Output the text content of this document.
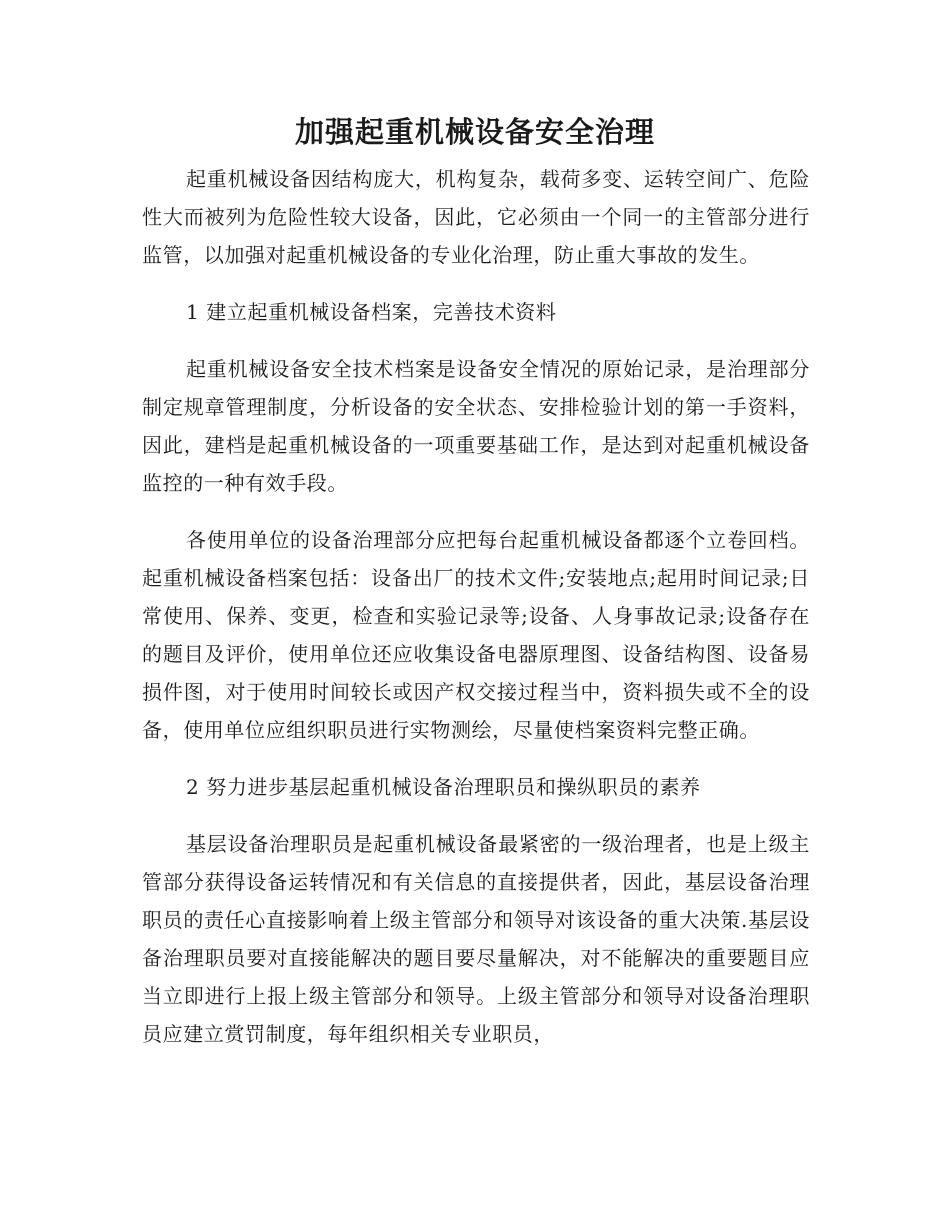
加强起重机械设备安全治理

起重机械设备因结构庞大，机构复杂，载荷多变、运转空间广、危险性大而被列为危险性较大设备，因此，它必须由一个同一的主管部分进行监管，以加强对起重机械设备的专业化治理，防止重大事故的发生。

1 建立起重机械设备档案，完善技术资料

起重机械设备安全技术档案是设备安全情况的原始记录，是治理部分制定规章管理制度，分析设备的安全状态、安排检验计划的第一手资料，因此，建档是起重机械设备的一项重要基础工作，是达到对起重机械设备监控的一种有效手段。

各使用单位的设备治理部分应把每台起重机械设备都逐个立卷回档。起重机械设备档案包括：设备出厂的技术文件;安装地点;起用时间记录;日常使用、保养、变更，检查和实验记录等;设备、人身事故记录;设备存在的题目及评价，使用单位还应收集设备电器原理图、设备结构图、设备易损件图，对于使用时间较长或因产权交接过程当中，资料损失或不全的设备，使用单位应组织职员进行实物测绘，尽量使档案资料完整正确。

2 努力进步基层起重机械设备治理职员和操纵职员的素养

基层设备治理职员是起重机械设备最紧密的一级治理者，也是上级主管部分获得设备运转情况和有关信息的直接提供者，因此，基层设备治理职员的责任心直接影响着上级主管部分和领导对该设备的重大决策.基层设备治理职员要对直接能解决的题目要尽量解决，对不能解决的重要题目应当立即进行上报上级主管部分和领导。上级主管部分和领导对设备治理职员应建立赏罚制度，每年组织相关专业职员，
